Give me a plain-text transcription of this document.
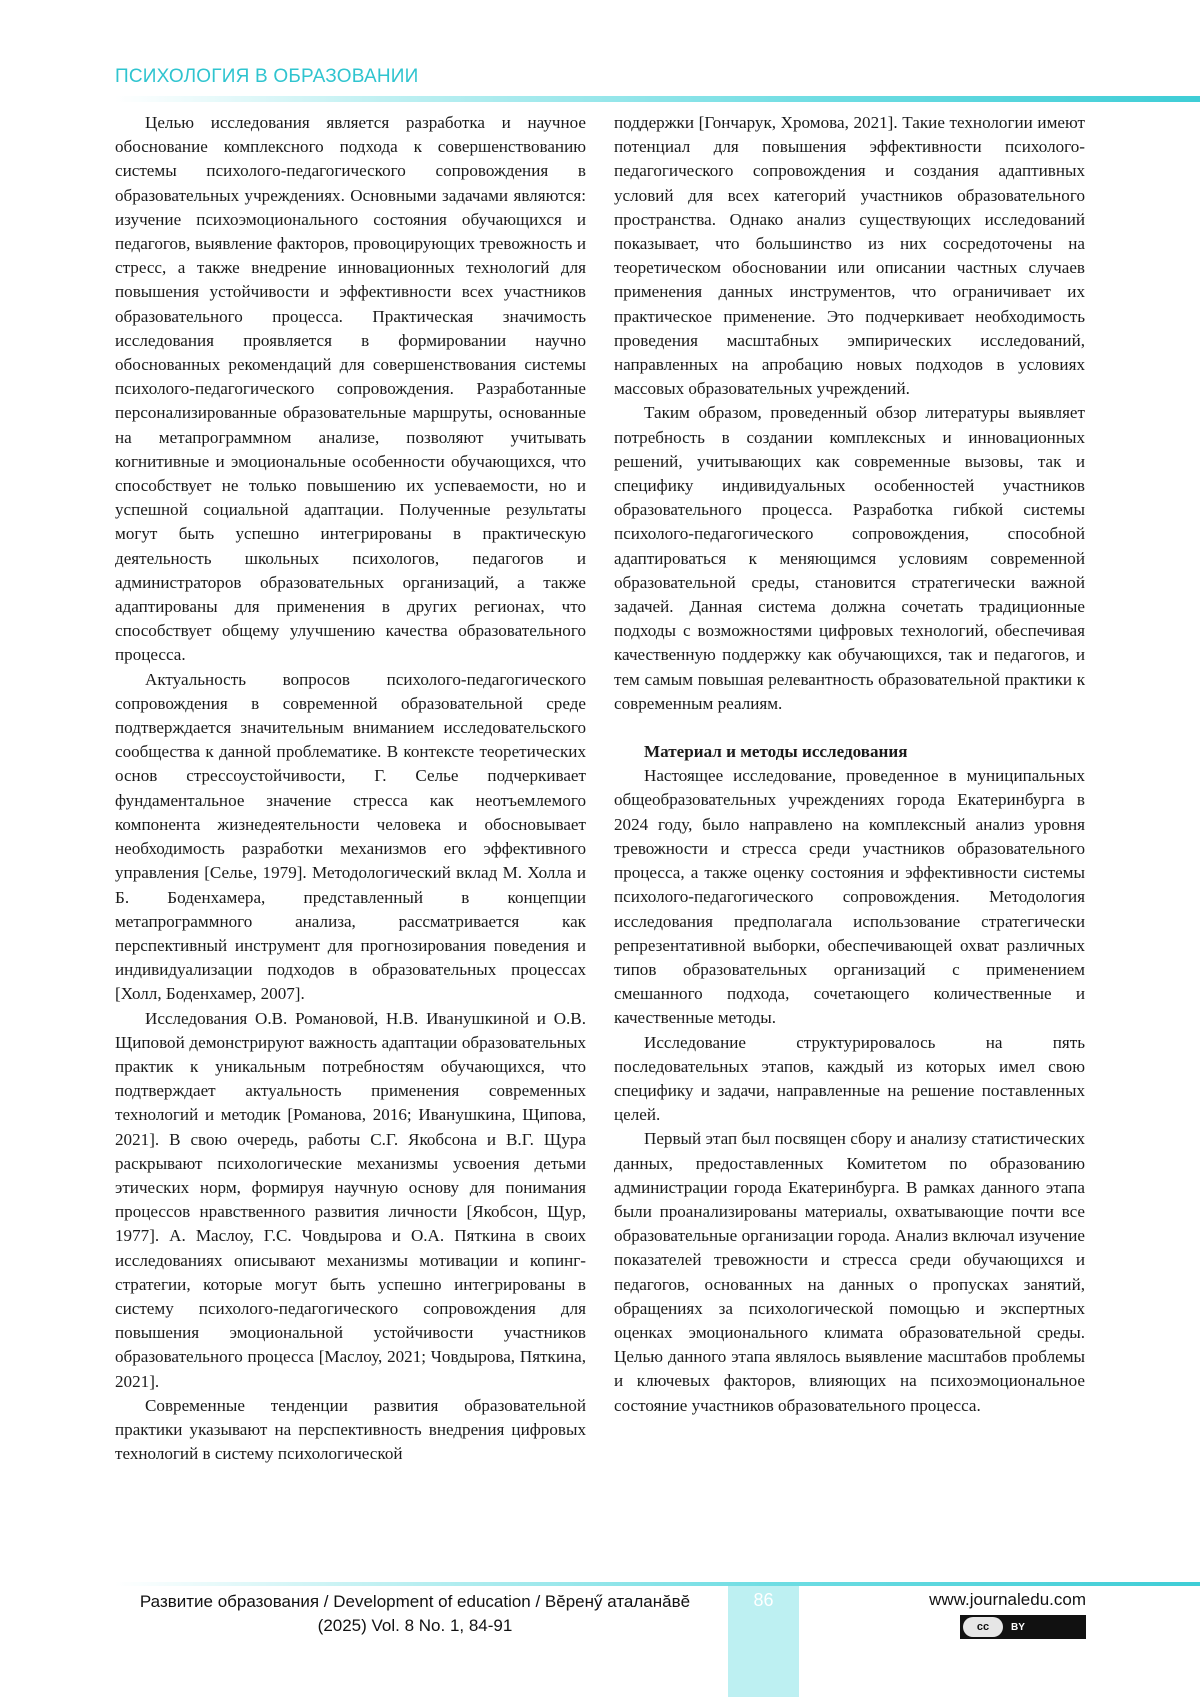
ПСИХОЛОГИЯ В ОБРАЗОВАНИИ

Целью исследования является разработка и научное обоснование комплексного подхода к совершенствованию системы психолого-педагогического сопровождения в образовательных учреждениях. Основными задачами являются: изучение психоэмоционального состояния обучающихся и педагогов, выявление факторов, провоцирующих тревожность и стресс, а также внедрение инновационных технологий для повышения устойчивости и эффективности всех участников образовательного процесса. Практическая значимость исследования проявляется в формировании научно обоснованных рекомендаций для совершенствования системы психолого-педагогического сопровождения. Разработанные персонализированные образовательные маршруты, основанные на метапрограммном анализе, позволяют учитывать когнитивные и эмоциональные особенности обучающихся, что способствует не только повышению их успеваемости, но и успешной социальной адаптации. Полученные результаты могут быть успешно интегрированы в практическую деятельность школьных психологов, педагогов и администраторов образовательных организаций, а также адаптированы для применения в других регионах, что способствует общему улучшению качества образовательного процесса.

Актуальность вопросов психолого-педагогического сопровождения в современной образовательной среде подтверждается значительным вниманием исследовательского сообщества к данной проблематике. В контексте теоретических основ стрессоустойчивости, Г. Селье подчеркивает фундаментальное значение стресса как неотъемлемого компонента жизнедеятельности человека и обосновывает необходимость разработки механизмов его эффективного управления [Селье, 1979]. Методологический вклад М. Холла и Б. Боденхамера, представленный в концепции метапрограммного анализа, рассматривается как перспективный инструмент для прогнозирования поведения и индивидуализации подходов в образовательных процессах [Холл, Боденхамер, 2007].

Исследования О.В. Романовой, Н.В. Иванушкиной и О.В. Щиповой демонстрируют важность адаптации образовательных практик к уникальным потребностям обучающихся, что подтверждает актуальность применения современных технологий и методик [Романова, 2016; Иванушкина, Щипова, 2021]. В свою очередь, работы С.Г. Якобсона и В.Г. Щура раскрывают психологические механизмы усвоения детьми этических норм, формируя научную основу для понимания процессов нравственного развития личности [Якобсон, Щур, 1977]. А. Маслоу, Г.С. Човдырова и О.А. Пяткина в своих исследованиях описывают механизмы мотивации и копинг-стратегии, которые могут быть успешно интегрированы в систему психолого-педагогического сопровождения для повышения эмоциональной устойчивости участников образовательного процесса [Маслоу, 2021; Човдырова, Пяткина, 2021].

Современные тенденции развития образовательной практики указывают на перспективность внедрения цифровых технологий в систему психологической

поддержки [Гончарук, Хромова, 2021]. Такие технологии имеют потенциал для повышения эффективности психолого-педагогического сопровождения и создания адаптивных условий для всех категорий участников образовательного пространства. Однако анализ существующих исследований показывает, что большинство из них сосредоточены на теоретическом обосновании или описании частных случаев применения данных инструментов, что ограничивает их практическое применение. Это подчеркивает необходимость проведения масштабных эмпирических исследований, направленных на апробацию новых подходов в условиях массовых образовательных учреждений.

Таким образом, проведенный обзор литературы выявляет потребность в создании комплексных и инновационных решений, учитывающих как современные вызовы, так и специфику индивидуальных особенностей участников образовательного процесса. Разработка гибкой системы психолого-педагогического сопровождения, способной адаптироваться к меняющимся условиям современной образовательной среды, становится стратегически важной задачей. Данная система должна сочетать традиционные подходы с возможностями цифровых технологий, обеспечивая качественную поддержку как обучающихся, так и педагогов, и тем самым повышая релевантность образовательной практики к современным реалиям.

Материал и методы исследования

Настоящее исследование, проведенное в муниципальных общеобразовательных учреждениях города Екатеринбурга в 2024 году, было направлено на комплексный анализ уровня тревожности и стресса среди участников образовательного процесса, а также оценку состояния и эффективности системы психолого-педагогического сопровождения. Методология исследования предполагала использование стратегически репрезентативной выборки, обеспечивающей охват различных типов образовательных организаций с применением смешанного подхода, сочетающего количественные и качественные методы.

Исследование структурировалось на пять последовательных этапов, каждый из которых имел свою специфику и задачи, направленные на решение поставленных целей.

Первый этап был посвящен сбору и анализу статистических данных, предоставленных Комитетом по образованию администрации города Екатеринбурга. В рамках данного этапа были проанализированы материалы, охватывающие почти все образовательные организации города. Анализ включал изучение показателей тревожности и стресса среди обучающихся и педагогов, основанных на данных о пропусках занятий, обращениях за психологической помощью и экспертных оценках эмоционального климата образовательной среды. Целью данного этапа являлось выявление масштабов проблемы и ключевых факторов, влияющих на психоэмоциональное состояние участников образовательного процесса.

86
Развитие образования / Development of education / Вĕренӳ аталанăвĕ
(2025) Vol. 8 No. 1, 84-91
www.journaledu.com
cc	BY
